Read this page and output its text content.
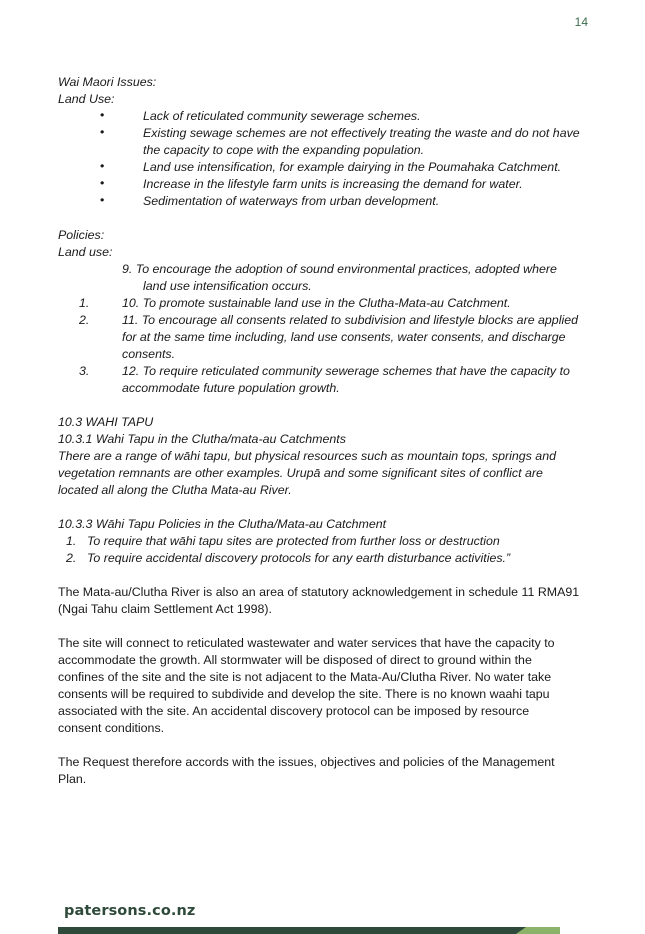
14
Wai Maori Issues:
Land Use:
•	Lack of reticulated community sewerage schemes.
•	Existing sewage schemes are not effectively treating the waste and do not have
the capacity to cope with the expanding population.
•	Land use intensification, for example dairying in the Poumahaka Catchment.
•	Increase in the lifestyle farm units is increasing the demand for water.
•	Sedimentation of waterways from urban development.
Policies:
Land use:
9. To encourage the adoption of sound environmental practices, adopted where
land use intensification occurs.
1.	10. To promote sustainable land use in the Clutha-Mata-au Catchment.
2.	11. To encourage all consents related to subdivision and lifestyle blocks are applied
for at the same time including, land use consents, water consents, and discharge
consents.
3.	12. To require reticulated community sewerage schemes that have the capacity to
accommodate future population growth.
10.3 WAHI TAPU
10.3.1 Wahi Tapu in the Clutha/mata-au Catchments
There are a range of wāhi tapu, but physical resources such as mountain tops, springs and
vegetation remnants are other examples. Urupā and some significant sites of conflict are
located all along the Clutha Mata-au River.
10.3.3 Wāhi Tapu Policies in the Clutha/Mata-au Catchment
1. To require that wāhi tapu sites are protected from further loss or destruction
2. To require accidental discovery protocols for any earth disturbance activities.”
The Mata-au/Clutha River is also an area of statutory acknowledgement in schedule 11 RMA91
(Ngai Tahu claim Settlement Act 1998).
The site will connect to reticulated wastewater and water services that have the capacity to
accommodate the growth. All stormwater will be disposed of direct to ground within the
confines of the site and the site is not adjacent to the Mata-Au/Clutha River. No water take
consents will be required to subdivide and develop the site. There is no known waahi tapu
associated with the site. An accidental discovery protocol can be imposed by resource
consent conditions.
The Request therefore accords with the issues, objectives and policies of the Management
Plan.
patersons.co.nz
